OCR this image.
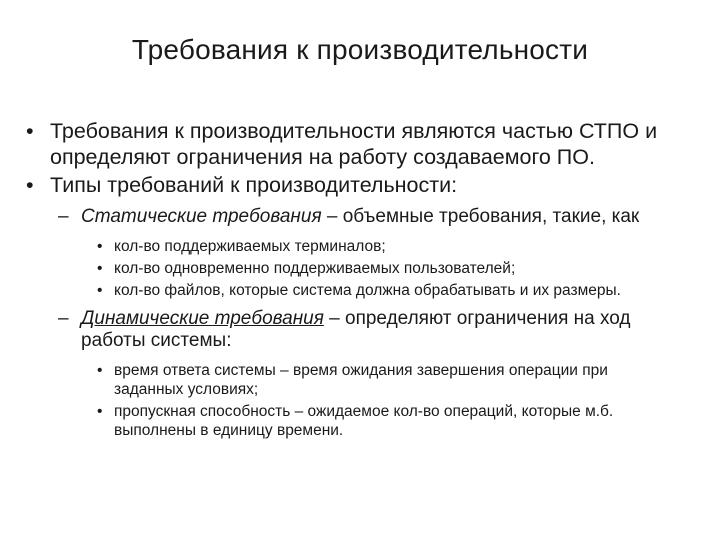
Требования к производительности
• Требования к производительности являются частью СТПО и определяют ограничения на работу создаваемого ПО.
• Типы требований к производительности:
– Статические требования – объемные требования, такие, как
• кол-во поддерживаемых терминалов;
• кол-во одновременно поддерживаемых пользователей;
• кол-во файлов, которые система должна обрабатывать и их размеры.
– Динамические требования – определяют ограничения на ход работы системы:
• время ответа системы – время ожидания завершения операции при заданных условиях;
• пропускная способность – ожидаемое кол-во операций, которые м.б. выполнены в единицу времени.
